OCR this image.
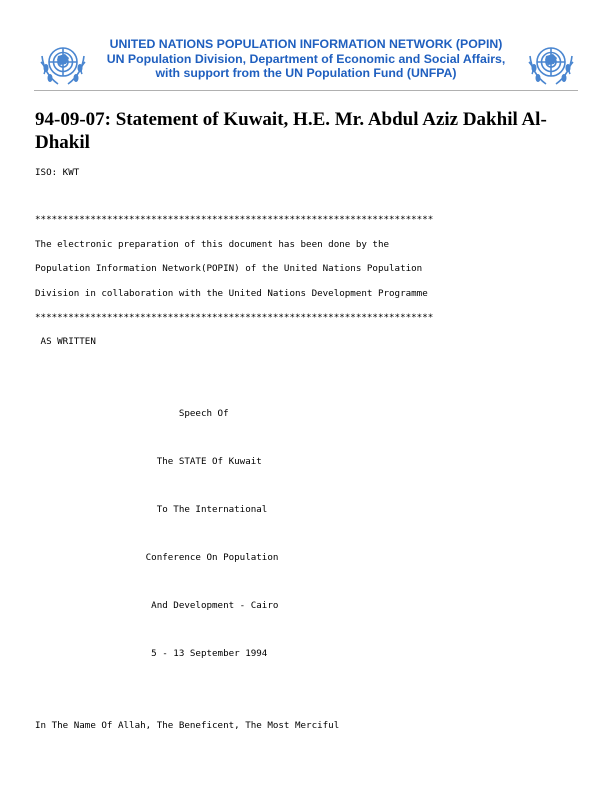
UNITED NATIONS POPULATION INFORMATION NETWORK (POPIN)
UN Population Division, Department of Economic and Social Affairs,
with support from the UN Population Fund (UNFPA)
94-09-07: Statement of Kuwait, H.E. Mr. Abdul Aziz Dakhil Al-Dhakil

ISO: KWT

************************************************************************

The electronic preparation of this document has been done by the

Population Information Network(POPIN) of the United Nations Population

Division in collaboration with the United Nations Development Programme

************************************************************************

AS WRITTEN

Speech Of

The STATE Of Kuwait

To The International

Conference On Population

And Development - Cairo

5 - 13 September 1994

In The Name Of Allah, The Beneficent, The Most Merciful
